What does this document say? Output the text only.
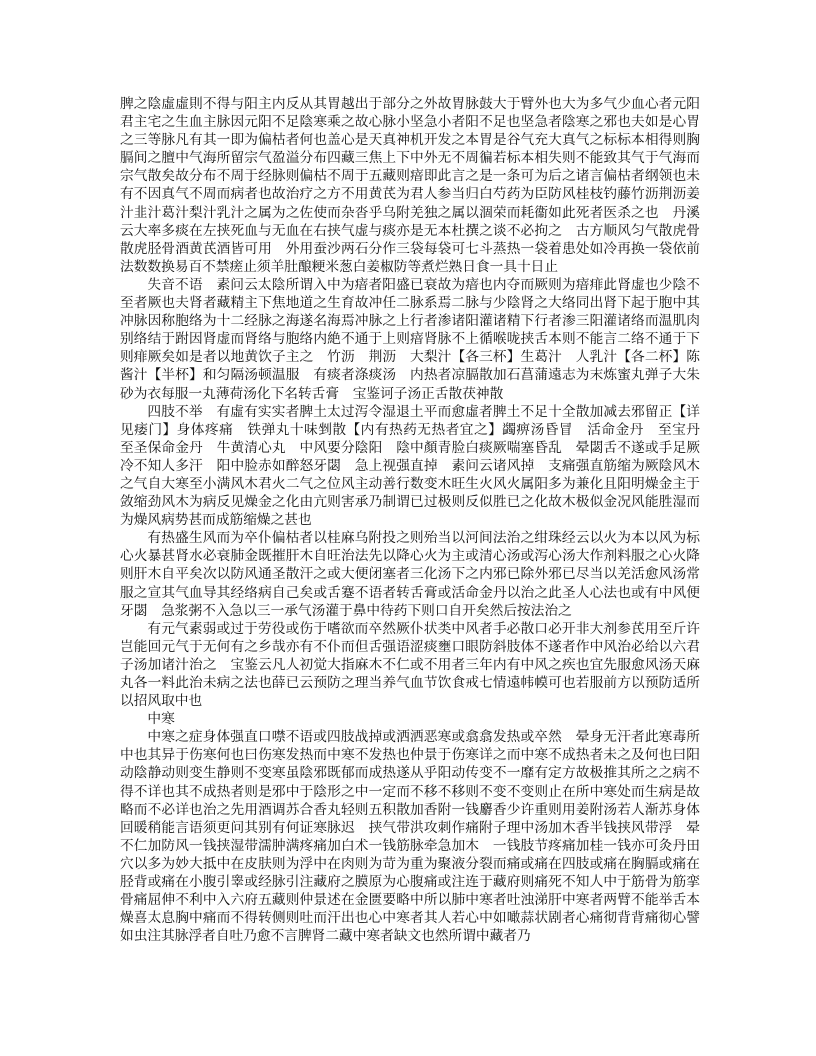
脾之陰虛虛則不得与阳主内反从其胃越出于部分之外故胃脉鼓大于臂外也大为多气少血心者元阳君主宅之生血主脉因元阳不足陰寒乘之故心脉小坚急小者阳不足也坚急者陰寒之邪也夫如是心胃之三等脉凡有其一即为偏枯者何也盖心是天真神机开发之本胃是谷气充大真气之标标本相得则胸膈间之膻中气海所留宗气盈溢分布四藏三焦上下中外无不周徧若标本相失则不能致其气于气海而宗气散矣故分布不周于经脉则偏枯不周于五藏则瘖即此言之是一条可为后之诸言偏枯者纲领也未有不因真气不周而病者也故治疗之方不用黄芪为君人参当归白芍药为臣防风桂枝钓藤竹沥荆沥姜汁韭汁葛汁梨汁乳汁之属为之佐使而杂沓乎乌附羌独之属以涸荣而耗衞如此死者医杀之也　丹溪云大率多痰在左挟死血与无血在右挟气虚与痰亦是无本杜撰之谈不必拘之　古方顺风匀气散虎骨散虎胫骨酒黄芪酒皆可用　外用蚕沙两石分作三袋每袋可七斗蒸热一袋着患处如冷再换一袋依前法数数换易百不禁瘥止须羊肚酿粳米葱白姜椒防等煮烂熟日食一具十日止

失音不语　素问云太陰所谓入中为瘖者阳盛已衰故为瘖也内夺而厥则为瘖痱此肾虚也少陰不至者厥也夫肾者藏精主下焦地道之生育故冲任二脉系焉二脉与少陰肾之大络同出肾下起于胞中其冲脉因称胞络为十二经脉之海遂名海焉冲脉之上行者渗诸阳灌诸精下行者渗三阳灌诸络而温肌肉别络结于跗因肾虚而肾络与胞络内絶不通于上则瘖肾脉不上循喉咙挟舌本则不能言二络不通于下则痱厥矣如是者以地黄饮子主之　竹沥　荆沥　大梨汁【各三杯】生葛汁　人乳汁【各二杯】陈酱汁【半杯】和匀隔汤顿温服　有痰者涤痰汤　内热者凉膈散加石菖蒲遠志为末炼蜜丸弹子大朱砂为衣每服一丸薄荷汤化下名转舌膏　宝鉴诃子汤正舌散茯神散

四肢不举　有虛有实实者脾土太过泻令湿退土平而愈虛者脾土不足十全散加减去邪留正【详见痿门】身体疼痛　铁弹丸十味剉散【内有热药无热者宜之】蠲痹汤昏冒　活命金丹　至宝丹　至圣保命金丹　牛黄清心丸　中风要分陰阳　陰中顏青脸白痰厥喘塞昏乱　晕閟舌不遂或手足厥冷不知人多汗　阳中脸赤如醉怒牙閟　急上视强直掉　素问云诸风掉　支痛强直筋缩为厥陰风木之气自大寒至小满风木君火二气之位风主动善行数变木旺生火风火属阳多为兼化且阳明燥金主于　敛缩劲风木为病反见燥金之化由亢则害承乃制谓已过极则反似胜已之化故木极似金况风能胜湿而为燥风病势甚而成筋缩燥之甚也

有热盛生风而为卒仆偏枯者以桂麻乌附投之则殆当以河间法治之绀珠经云以火为本以风为标心火暴甚肾水必衰肺金既摧肝木自旺治法先以降心火为主或清心汤或泻心汤大作剂料服之心火降则肝木自平矣次以防风通圣散汗之或大便闭塞者三化汤下之内邪已除外邪已尽当以羌活愈风汤常服之宣其气血导其经络病自己矣或舌蹇不语者转舌膏或活命金丹以治之此圣人心法也或有中风便牙閟　急浆粥不入急以三一承气汤灌于鼻中待药下则口自开矣然后按法治之

有元气素弱或过于劳役或伤于嗜欲而卒然厥仆状类中风者手必散口必开非大剂参芪用至斤许岂能回元气于无何有之乡哉亦有不仆而但舌强语涩痰壅口眼防斜肢体不遂者作中风治必给以六君子汤加诸汁治之　宝鉴云凡人初觉大指麻木不仁或不用者三年内有中风之疾也宜先服愈风汤天麻丸各一料此治未病之法也薛已云预防之理当养气血节饮食戒七情遠帏幙可也若服前方以预防适所以招风取中也

中寒

中寒之症身体强直口噤不语或四肢战掉或洒洒恶寒或翕翕发热或卒然　晕身无汗者此寒毒所中也其异于伤寒何也曰伤寒发热而中寒不发热也仲景于伤寒详之而中寒不成热者未之及何也曰阳动陰静动则变生静则不变寒虽陰邪既郁而成热遂从乎阳动传变不一靡有定方故极推其所之之病不得不详也其不成热者则是邪中于陰形之中一定而不移不移则不变不变则止在所中寒处而生病是故略而不必详也治之先用酒调苏合香丸轻则五积散加香附一钱麝香少许重则用姜附汤若人渐苏身体回暖稍能言语须更问其别有何证寒脉迟　挟气带洪攻刺作痛附子理中汤加木香半钱挟风带浮　晕不仁加防风一钱挟湿带濡肿满疼痛加白术一钱筋脉牵急加木　一钱肢节疼痛加桂一钱亦可灸丹田穴以多为妙大抵中在皮肤则为浮中在肉则为苛为重为聚液分裂而痛或痛在四肢或痛在胸膈或痛在胫背或痛在小腹引睾或经脉引注藏府之膜原为心腹痛或注连于藏府则痛死不知人中于筋骨为筋挛骨痛屈伸不利中入六府五藏则仲景述在金匮要略中所以肺中寒者吐浊涕肝中寒者两臂不能举舌本燥喜太息胸中痛而不得转侧则吐而汗出也心中寒者其人若心中如噉蒜状剧者心痛彻背背痛彻心譬如虫注其脉浮者自吐乃愈不言脾肾二藏中寒者缺文也然所谓中藏者乃
